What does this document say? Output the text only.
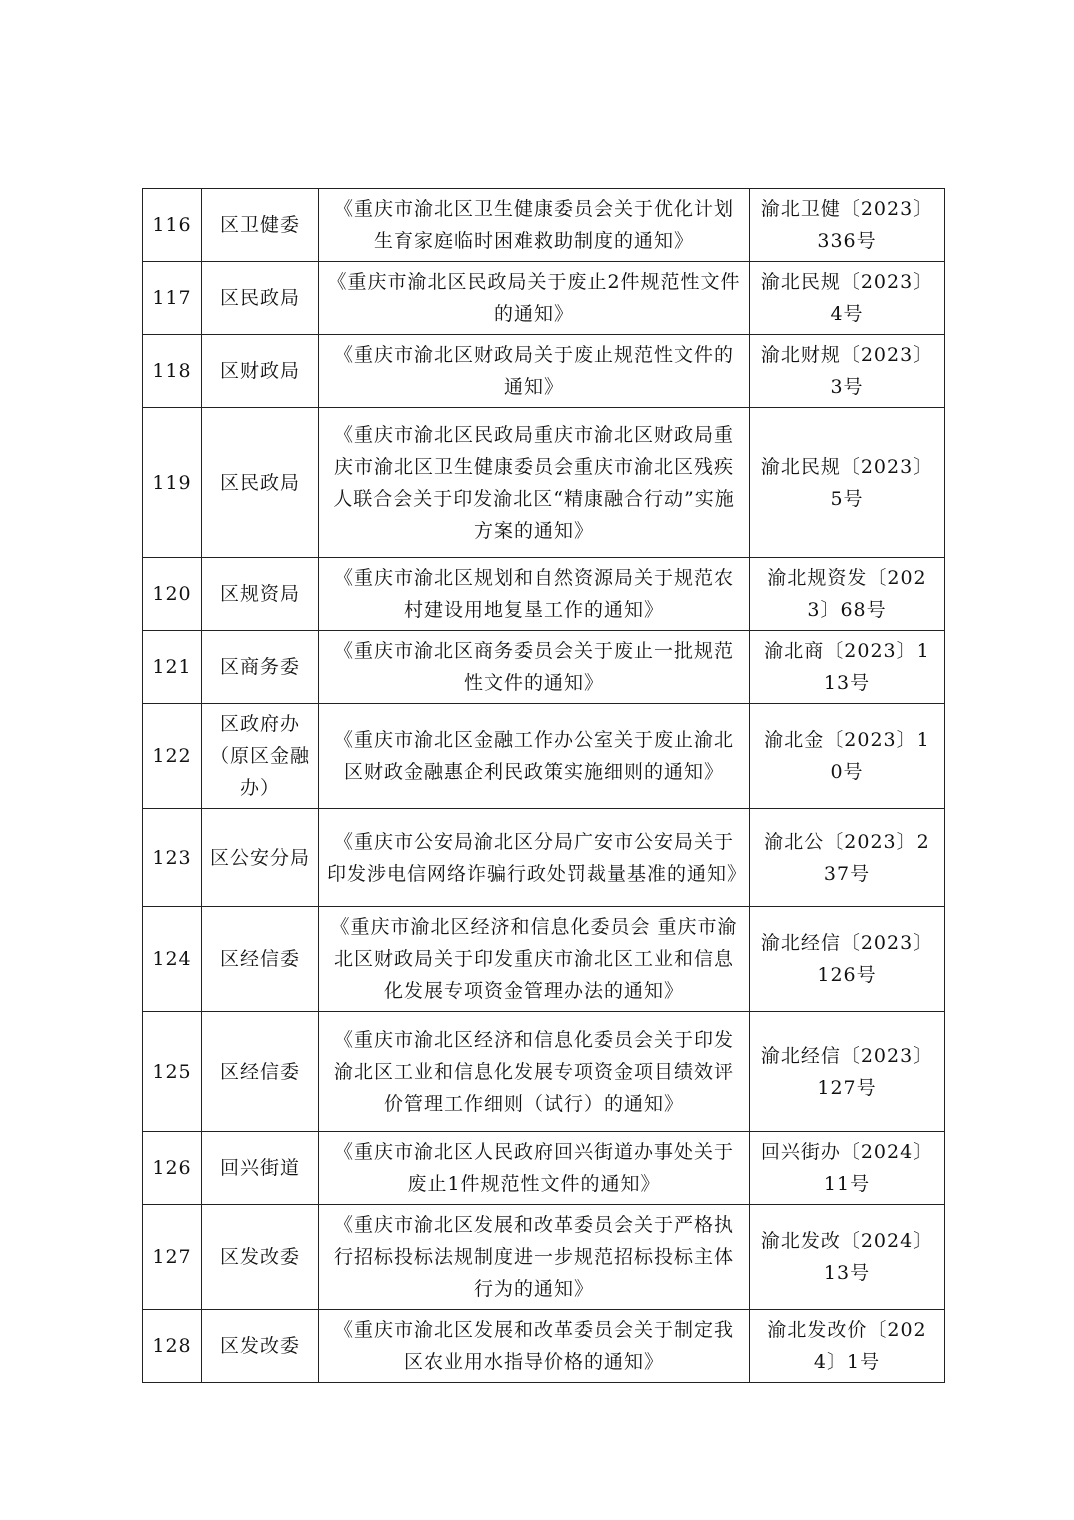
116	区卫健委	《重庆市渝北区卫生健康委员会关于优化计划生育家庭临时困难救助制度的通知》	渝北卫健〔2023〕336号
117	区民政局	《重庆市渝北区民政局关于废止2件规范性文件的通知》	渝北民规〔2023〕4号
118	区财政局	《重庆市渝北区财政局关于废止规范性文件的通知》	渝北财规〔2023〕3号
119	区民政局	《重庆市渝北区民政局重庆市渝北区财政局重庆市渝北区卫生健康委员会重庆市渝北区残疾人联合会关于印发渝北区“精康融合行动”实施方案的通知》	渝北民规〔2023〕5号
120	区规资局	《重庆市渝北区规划和自然资源局关于规范农村建设用地复垦工作的通知》	渝北规资发〔2023〕68号
121	区商务委	《重庆市渝北区商务委员会关于废止一批规范性文件的通知》	渝北商〔2023〕113号
122	区政府办（原区金融办）	《重庆市渝北区金融工作办公室关于废止渝北区财政金融惠企利民政策实施细则的通知》	渝北金〔2023〕10号
123	区公安分局	《重庆市公安局渝北区分局广安市公安局关于印发涉电信网络诈骗行政处罚裁量基准的通知》	渝北公〔2023〕237号
124	区经信委	《重庆市渝北区经济和信息化委员会 重庆市渝北区财政局关于印发重庆市渝北区工业和信息化发展专项资金管理办法的通知》	渝北经信〔2023〕126号
125	区经信委	《重庆市渝北区经济和信息化委员会关于印发渝北区工业和信息化发展专项资金项目绩效评价管理工作细则（试行）的通知》	渝北经信〔2023〕127号
126	回兴街道	《重庆市渝北区人民政府回兴街道办事处关于废止1件规范性文件的通知》	回兴街办〔2024〕11号
127	区发改委	《重庆市渝北区发展和改革委员会关于严格执行招标投标法规制度进一步规范招标投标主体行为的通知》	渝北发改〔2024〕13号
128	区发改委	《重庆市渝北区发展和改革委员会关于制定我区农业用水指导价格的通知》	渝北发改价〔2024〕1号
